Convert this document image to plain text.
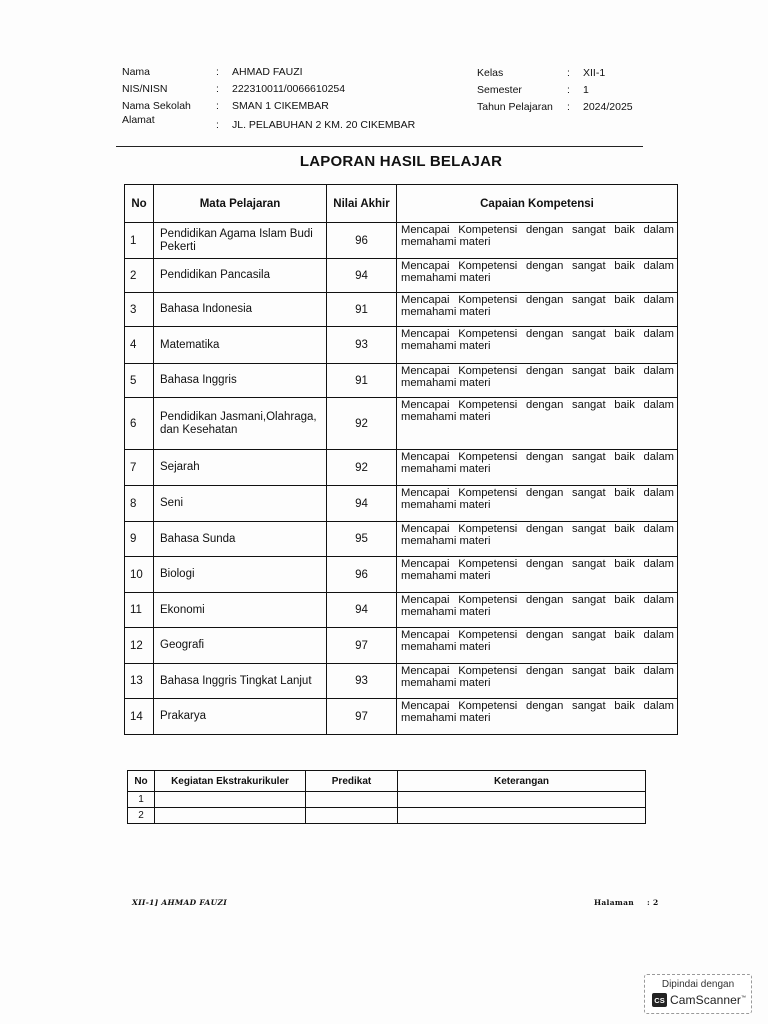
Nama	:	AHMAD FAUZI
NIS/NISN	:	222310011/0066610254
Nama Sekolah	:	SMAN 1 CIKEMBAR
Alamat	:	JL. PELABUHAN 2 KM. 20 CIKEMBAR
Kelas	:	XII-1
Semester	:	1
Tahun Pelajaran	:	2024/2025
LAPORAN HASIL BELAJAR
No	Mata Pelajaran	Nilai Akhir	Capaian Kompetensi
1	Pendidikan Agama Islam Budi Pekerti	96	Mencapai Kompetensi dengan sangat baik dalam memahami materi

2	Pendidikan Pancasila	94	Mencapai Kompetensi dengan sangat baik dalam memahami materi

3	Bahasa Indonesia	91	Mencapai Kompetensi dengan sangat baik dalam memahami materi

4	Matematika	93	Mencapai Kompetensi dengan sangat baik dalam memahami materi

5	Bahasa Inggris	91	Mencapai Kompetensi dengan sangat baik dalam memahami materi

6	Pendidikan Jasmani,Olahraga, dan Kesehatan	92	Mencapai Kompetensi dengan sangat baik dalam memahami materi

7	Sejarah	92	Mencapai Kompetensi dengan sangat baik dalam memahami materi

8	Seni	94	Mencapai Kompetensi dengan sangat baik dalam memahami materi

9	Bahasa Sunda	95	Mencapai Kompetensi dengan sangat baik dalam memahami materi

10	Biologi	96	Mencapai Kompetensi dengan sangat baik dalam memahami materi

11	Ekonomi	94	Mencapai Kompetensi dengan sangat baik dalam memahami materi

12	Geografi	97	Mencapai Kompetensi dengan sangat baik dalam memahami materi

13	Bahasa Inggris Tingkat Lanjut	93	Mencapai Kompetensi dengan sangat baik dalam memahami materi

14	Prakarya	97	Mencapai Kompetensi dengan sangat baik dalam memahami materi
No	Kegiatan Ekstrakurikuler	Predikat	Keterangan
1			
2			
XII-1] AHMAD FAUZI	Halaman : 2
Dipindai dengan
CS CamScanner™
